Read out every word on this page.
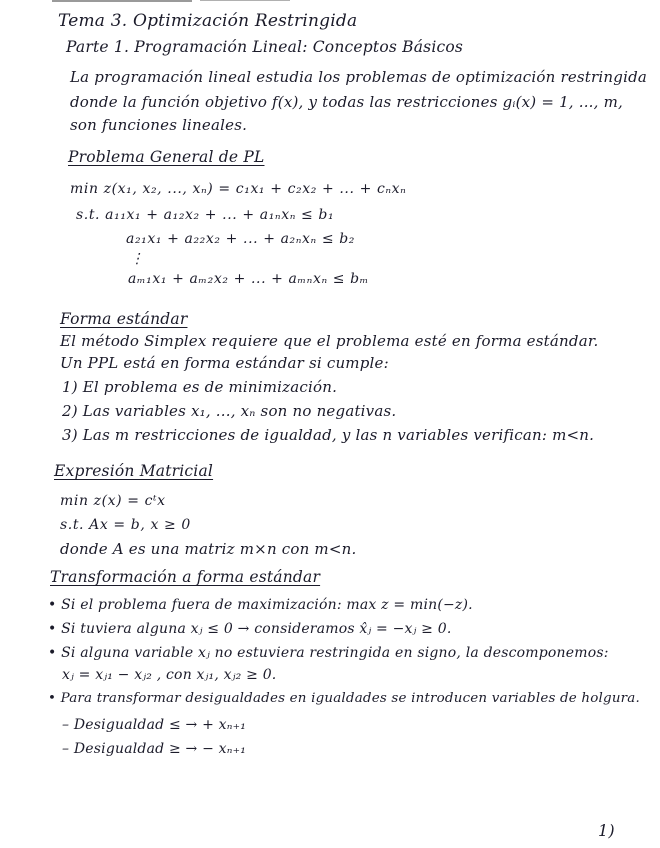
Tema 3. Optimización Restringida
Parte 1. Programación Lineal: Conceptos Básicos
La programación lineal estudia los problemas de optimización restringida
donde la función objetivo f(x), y todas las restricciones gᵢ(x) = 1, ..., m,
son funciones lineales.
Problema General de PL
min z(x₁, x₂, ..., xₙ) = c₁x₁ + c₂x₂ + ... + cₙxₙ
s.t. a₁₁x₁ + a₁₂x₂ + ... + a₁ₙxₙ ≤ b₁
a₂₁x₁ + a₂₂x₂ + ... + a₂ₙxₙ ≤ b₂
⋮
aₘ₁x₁ + aₘ₂x₂ + ... + aₘₙxₙ ≤ bₘ
Forma estándar
El método Simplex requiere que el problema esté en forma estándar.
Un PPL está en forma estándar si cumple:
1) El problema es de minimización.
2) Las variables x₁, ..., xₙ son no negativas.
3) Las m restricciones de igualdad, y las n variables verifican: m<n.
Expresión Matricial
min z(x) = cᵗx
s.t. Ax = b, x ≥ 0
donde A es una matriz m×n con m<n.
Transformación a forma estándar
• Si el problema fuera de maximización: max z = min(−z).
• Si tuviera alguna xⱼ ≤ 0 → consideramos x̂ⱼ = −xⱼ ≥ 0.
• Si alguna variable xⱼ no estuviera restringida en signo, la descomponemos:
xⱼ = xⱼ₁ − xⱼ₂ , con xⱼ₁, xⱼ₂ ≥ 0.
• Para transformar desigualdades en igualdades se introducen variables de holgura.
– Desigualdad ≤ → + xₙ₊₁
– Desigualdad ≥ → − xₙ₊₁
1)
